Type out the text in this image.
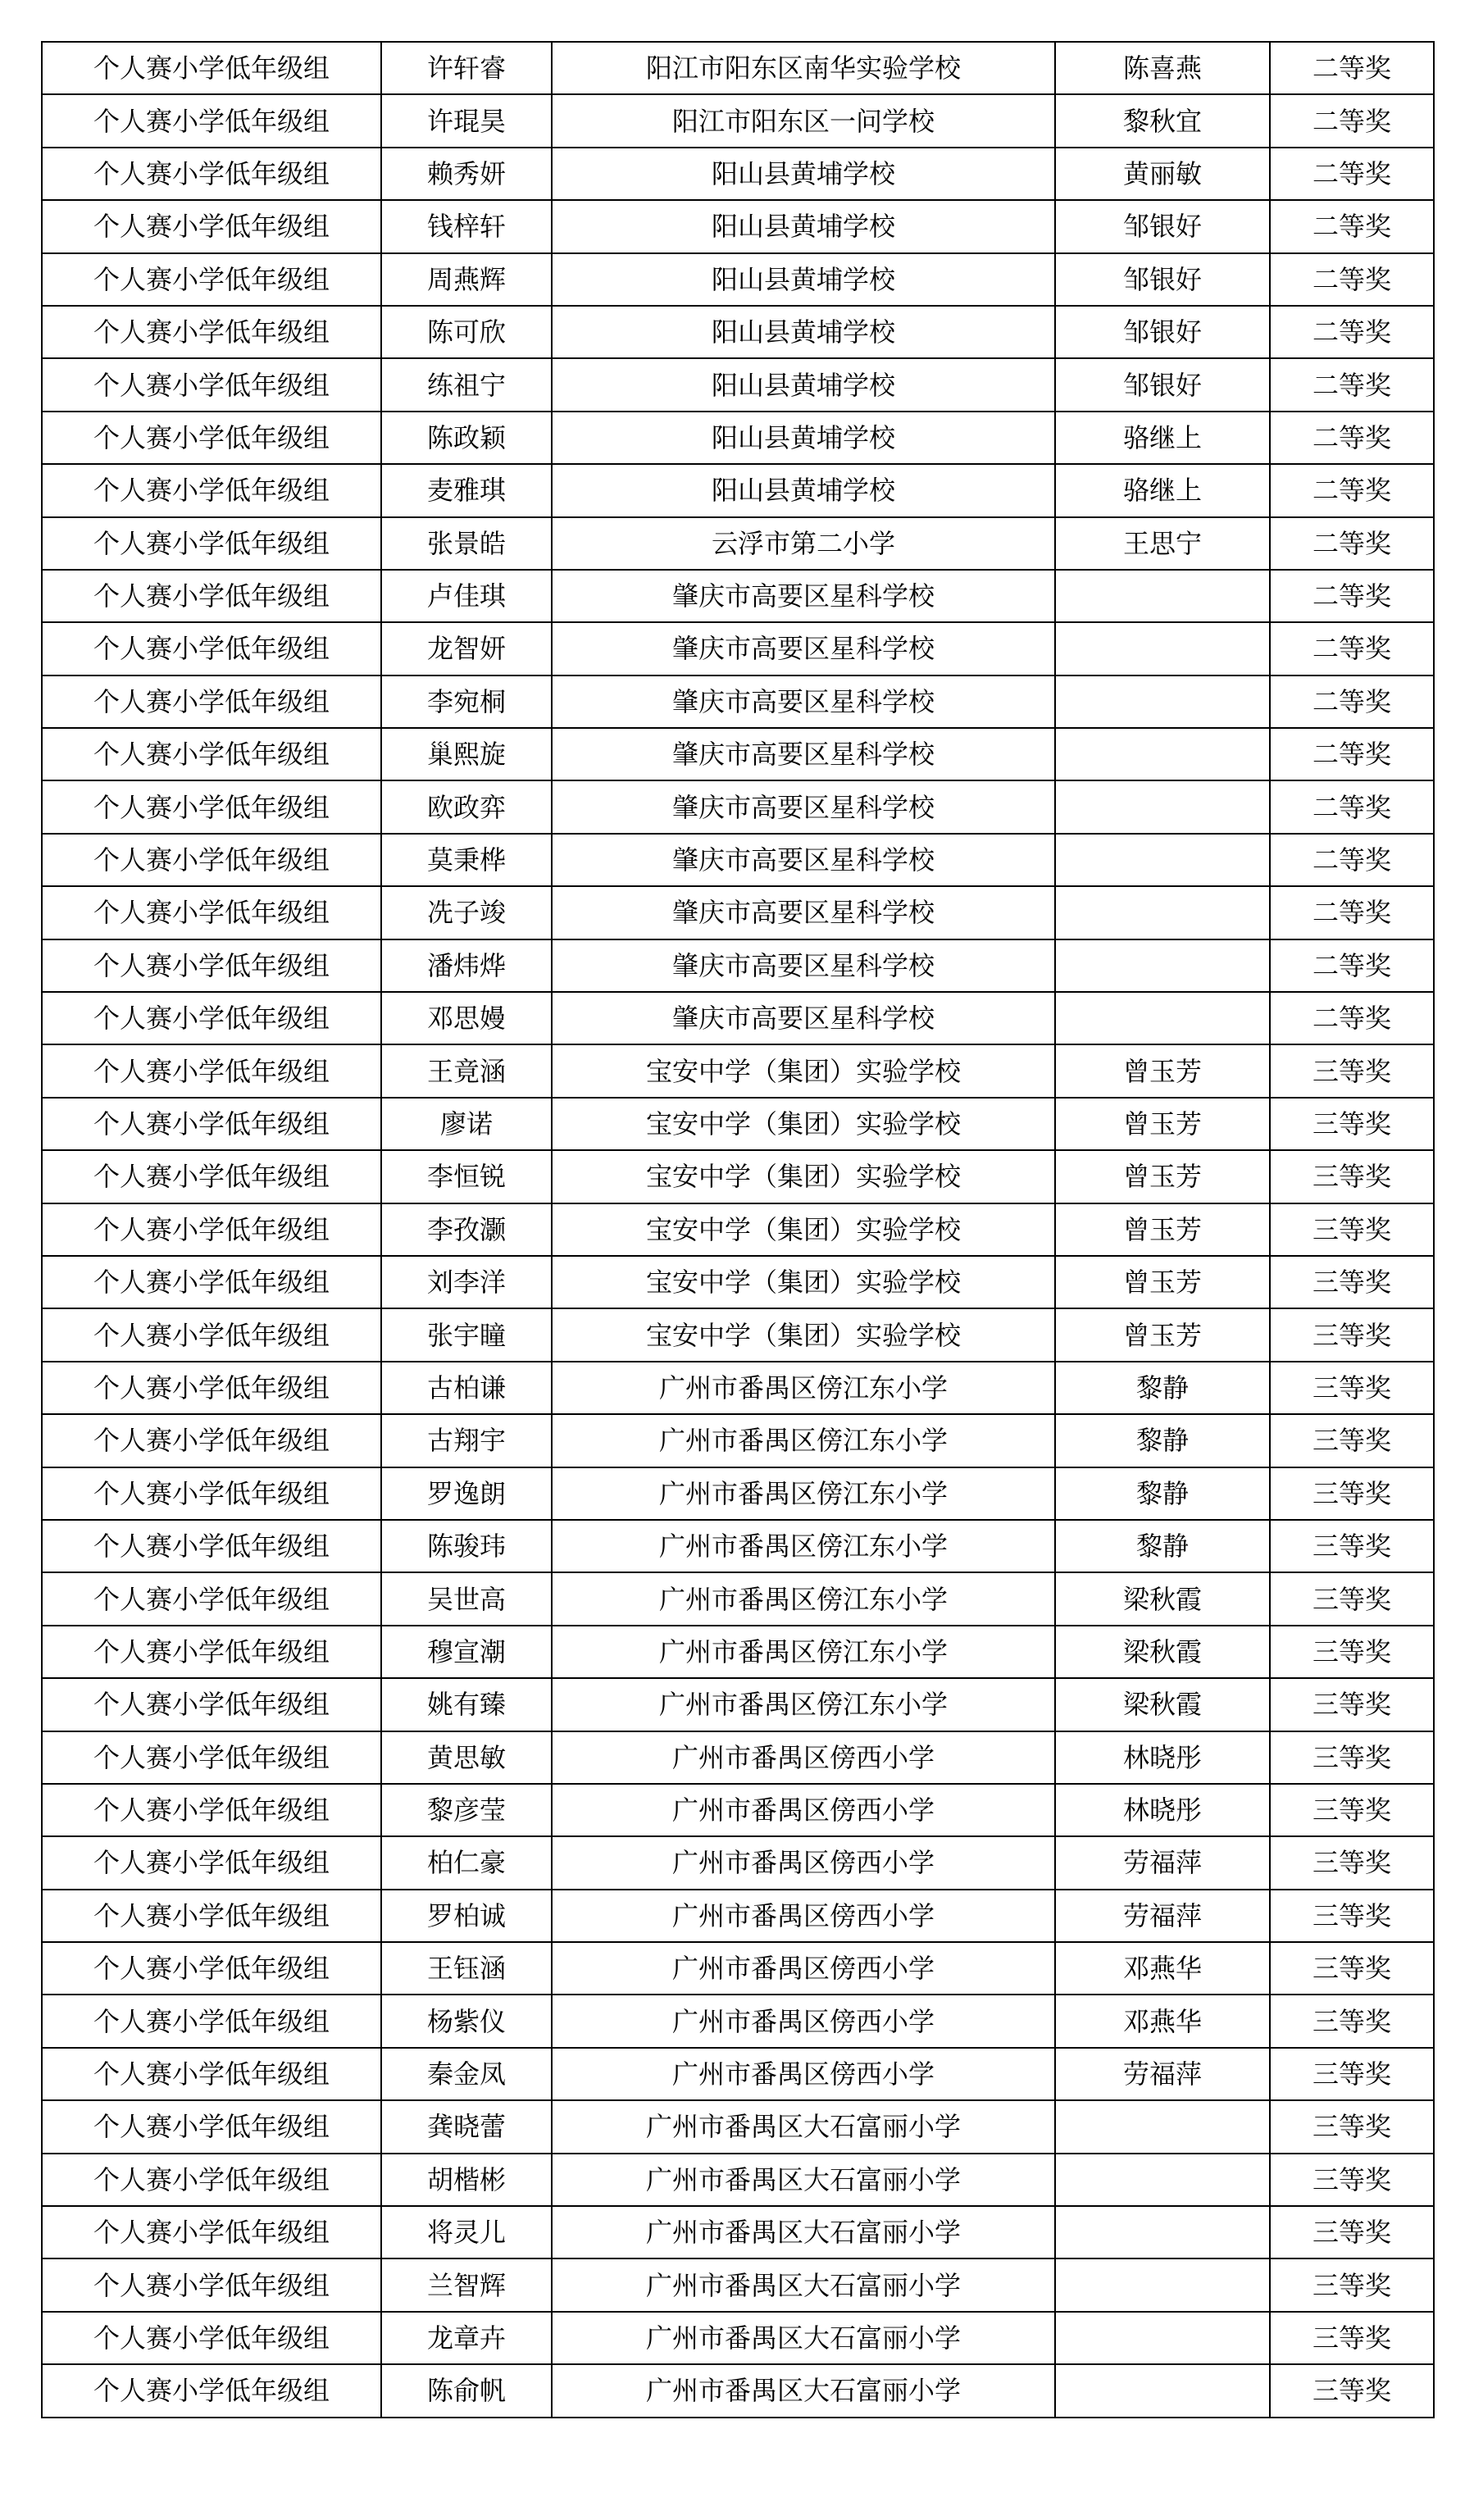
个人赛小学低年级组	许轩睿	阳江市阳东区南华实验学校	陈喜燕	二等奖
个人赛小学低年级组	许琨昊	阳江市阳东区一问学校	黎秋宜	二等奖
个人赛小学低年级组	赖秀妍	阳山县黄埔学校	黄丽敏	二等奖
个人赛小学低年级组	钱梓轩	阳山县黄埔学校	邹银好	二等奖
个人赛小学低年级组	周燕辉	阳山县黄埔学校	邹银好	二等奖
个人赛小学低年级组	陈可欣	阳山县黄埔学校	邹银好	二等奖
个人赛小学低年级组	练祖宁	阳山县黄埔学校	邹银好	二等奖
个人赛小学低年级组	陈政颖	阳山县黄埔学校	骆继上	二等奖
个人赛小学低年级组	麦雅琪	阳山县黄埔学校	骆继上	二等奖
个人赛小学低年级组	张景皓	云浮市第二小学	王思宁	二等奖
个人赛小学低年级组	卢佳琪	肇庆市高要区星科学校		二等奖
个人赛小学低年级组	龙智妍	肇庆市高要区星科学校		二等奖
个人赛小学低年级组	李宛桐	肇庆市高要区星科学校		二等奖
个人赛小学低年级组	巢熙旋	肇庆市高要区星科学校		二等奖
个人赛小学低年级组	欧政弈	肇庆市高要区星科学校		二等奖
个人赛小学低年级组	莫秉桦	肇庆市高要区星科学校		二等奖
个人赛小学低年级组	冼子竣	肇庆市高要区星科学校		二等奖
个人赛小学低年级组	潘炜烨	肇庆市高要区星科学校		二等奖
个人赛小学低年级组	邓思嫚	肇庆市高要区星科学校		二等奖
个人赛小学低年级组	王竟涵	宝安中学（集团）实验学校	曾玉芳	三等奖
个人赛小学低年级组	廖诺	宝安中学（集团）实验学校	曾玉芳	三等奖
个人赛小学低年级组	李恒锐	宝安中学（集团）实验学校	曾玉芳	三等奖
个人赛小学低年级组	李孜灏	宝安中学（集团）实验学校	曾玉芳	三等奖
个人赛小学低年级组	刘李洋	宝安中学（集团）实验学校	曾玉芳	三等奖
个人赛小学低年级组	张宇瞳	宝安中学（集团）实验学校	曾玉芳	三等奖
个人赛小学低年级组	古柏谦	广州市番禺区傍江东小学	黎静	三等奖
个人赛小学低年级组	古翔宇	广州市番禺区傍江东小学	黎静	三等奖
个人赛小学低年级组	罗逸朗	广州市番禺区傍江东小学	黎静	三等奖
个人赛小学低年级组	陈骏玮	广州市番禺区傍江东小学	黎静	三等奖
个人赛小学低年级组	吴世高	广州市番禺区傍江东小学	梁秋霞	三等奖
个人赛小学低年级组	穆宣潮	广州市番禺区傍江东小学	梁秋霞	三等奖
个人赛小学低年级组	姚有臻	广州市番禺区傍江东小学	梁秋霞	三等奖
个人赛小学低年级组	黄思敏	广州市番禺区傍西小学	林晓彤	三等奖
个人赛小学低年级组	黎彦莹	广州市番禺区傍西小学	林晓彤	三等奖
个人赛小学低年级组	柏仁豪	广州市番禺区傍西小学	劳福萍	三等奖
个人赛小学低年级组	罗柏诚	广州市番禺区傍西小学	劳福萍	三等奖
个人赛小学低年级组	王钰涵	广州市番禺区傍西小学	邓燕华	三等奖
个人赛小学低年级组	杨紫仪	广州市番禺区傍西小学	邓燕华	三等奖
个人赛小学低年级组	秦金凤	广州市番禺区傍西小学	劳福萍	三等奖
个人赛小学低年级组	龚晓蕾	广州市番禺区大石富丽小学		三等奖
个人赛小学低年级组	胡楷彬	广州市番禺区大石富丽小学		三等奖
个人赛小学低年级组	将灵儿	广州市番禺区大石富丽小学		三等奖
个人赛小学低年级组	兰智辉	广州市番禺区大石富丽小学		三等奖
个人赛小学低年级组	龙章卉	广州市番禺区大石富丽小学		三等奖
个人赛小学低年级组	陈俞帆	广州市番禺区大石富丽小学		三等奖
